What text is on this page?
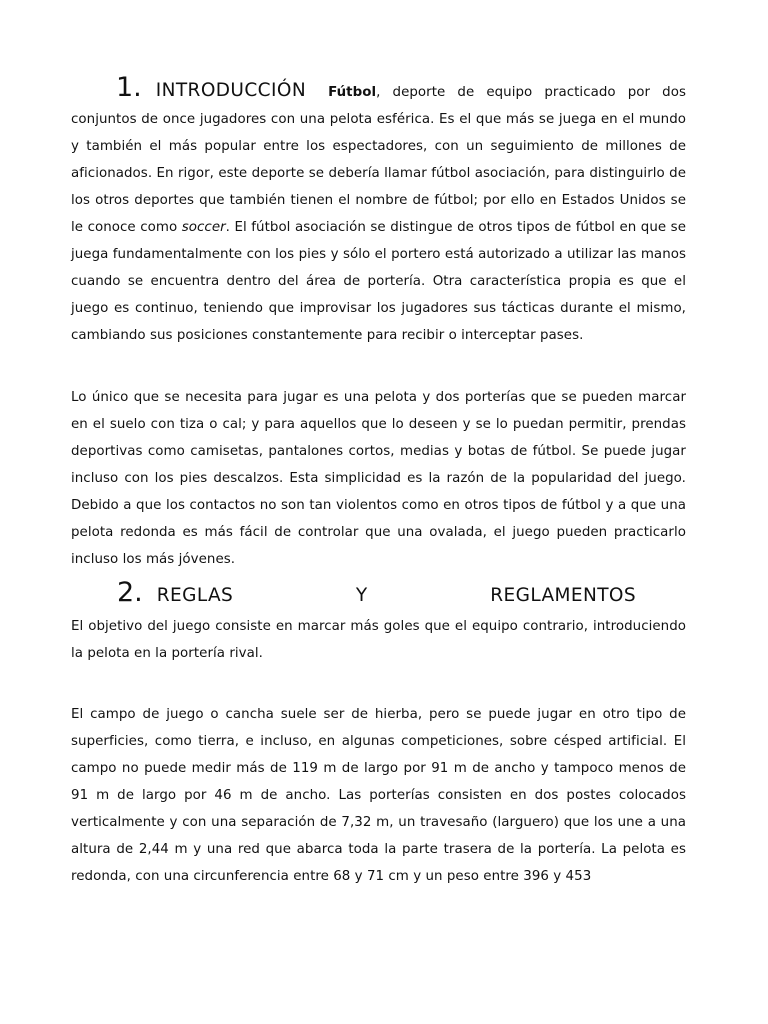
1. INTRODUCCIÓN Fútbol, deporte de equipo practicado por dos conjuntos de once jugadores con una pelota esférica. Es el que más se juega en el mundo y también el más popular entre los espectadores, con un seguimiento de millones de aficionados. En rigor, este deporte se debería llamar fútbol asociación, para distinguirlo de los otros deportes que también tienen el nombre de fútbol; por ello en Estados Unidos se le conoce como soccer. El fútbol asociación se distingue de otros tipos de fútbol en que se juega fundamentalmente con los pies y sólo el portero está autorizado a utilizar las manos cuando se encuentra dentro del área de portería. Otra característica propia es que el juego es continuo, teniendo que improvisar los jugadores sus tácticas durante el mismo, cambiando sus posiciones constantemente para recibir o interceptar pases.

Lo único que se necesita para jugar es una pelota y dos porterías que se pueden marcar en el suelo con tiza o cal; y para aquellos que lo deseen y se lo puedan permitir, prendas deportivas como camisetas, pantalones cortos, medias y botas de fútbol. Se puede jugar incluso con los pies descalzos. Esta simplicidad es la razón de la popularidad del juego. Debido a que los contactos no son tan violentos como en otros tipos de fútbol y a que una pelota redonda es más fácil de controlar que una ovalada, el juego pueden practicarlo incluso los más jóvenes.

2. REGLAS	Y	REGLAMENTOS

El objetivo del juego consiste en marcar más goles que el equipo contrario, introduciendo la pelota en la portería rival.

El campo de juego o cancha suele ser de hierba, pero se puede jugar en otro tipo de superficies, como tierra, e incluso, en algunas competiciones, sobre césped artificial. El campo no puede medir más de 119 m de largo por 91 m de ancho y tampoco menos de 91 m de largo por 46 m de ancho. Las porterías consisten en dos postes colocados verticalmente y con una separación de 7,32 m, un travesaño (larguero) que los une a una altura de 2,44 m y una red que abarca toda la parte trasera de la portería. La pelota es redonda, con una circunferencia entre 68 y 71 cm y un peso entre 396 y 453
